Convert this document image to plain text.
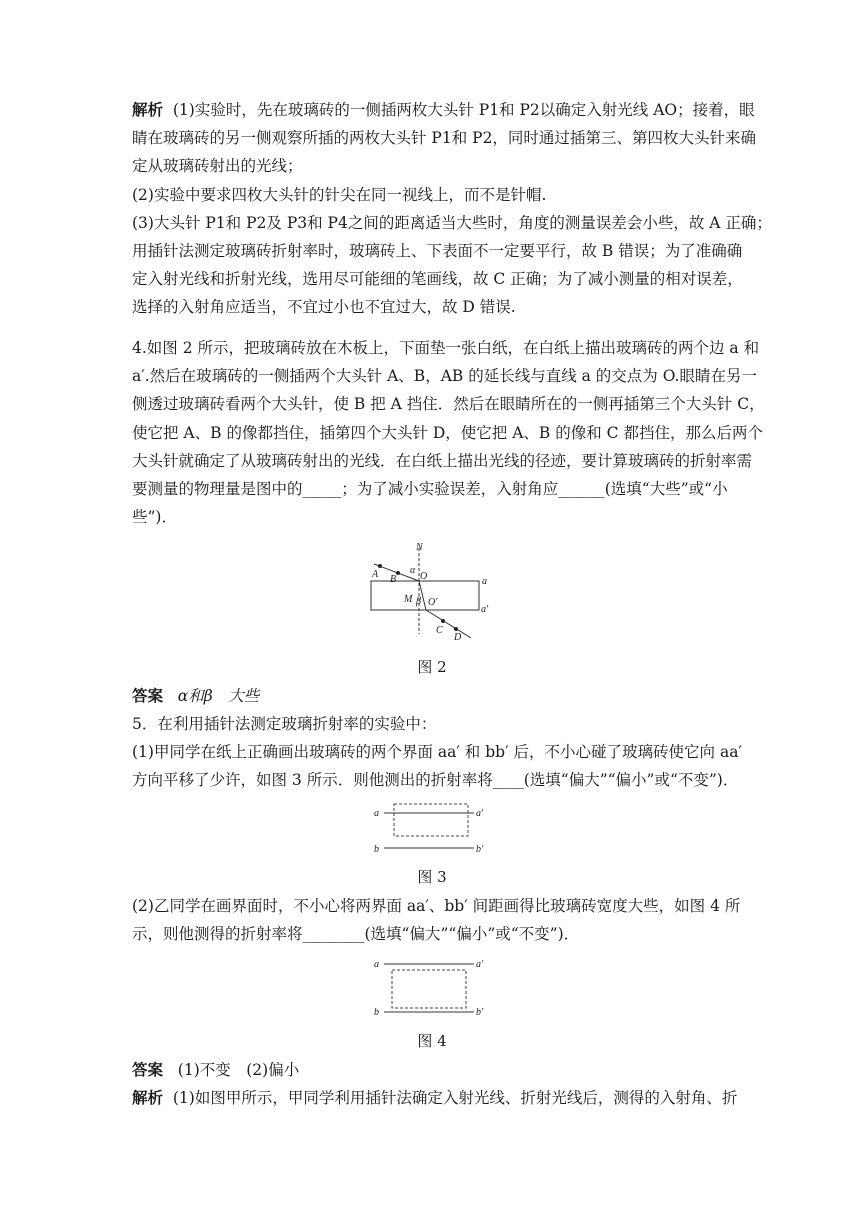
解析 (1)实验时，先在玻璃砖的一侧插两枚大头针 P1和 P2以确定入射光线 AO；接着，眼

睛在玻璃砖的另一侧观察所插的两枚大头针 P1和 P2，同时通过插第三、第四枚大头针来确

定从玻璃砖射出的光线；

(2)实验中要求四枚大头针的针尖在同一视线上，而不是针帽.

(3)大头针 P1和 P2及 P3和 P4之间的距离适当大些时，角度的测量误差会小些，故 A 正确；

用插针法测定玻璃砖折射率时，玻璃砖上、下表面不一定要平行，故 B 错误；为了准确确

定入射光线和折射光线，选用尽可能细的笔画线，故 C 正确；为了减小测量的相对误差，

选择的入射角应适当，不宜过小也不宜过大，故 D 错误.

4.如图 2 所示，把玻璃砖放在木板上，下面垫一张白纸，在白纸上描出玻璃砖的两个边 a 和

a′.然后在玻璃砖的一侧插两个大头针 A、B，AB 的延长线与直线 a 的交点为 O.眼睛在另一

侧透过玻璃砖看两个大头针，使 B 把 A 挡住．然后在眼睛所在的一侧再插第三个大头针 C，

使它把 A、B 的像都挡住，插第四个大头针 D，使它把 A、B 的像和 C 都挡住，那么后两个

大头针就确定了从玻璃砖射出的光线．在白纸上描出光线的径迹，要计算玻璃砖的折射率需

要测量的物理量是图中的_____；为了减小实验误差，入射角应______(选填“大些”或“小

些”)．

N
A B
α
O	a
M β O′
a′
C
D
图 2

答案 α和β　大些

5．在利用插针法测定玻璃折射率的实验中：

(1)甲同学在纸上正确画出玻璃砖的两个界面 aa′ 和 bb′ 后，不小心碰了玻璃砖使它向 aa′

方向平移了少许，如图 3 所示．则他测出的折射率将____(选填“偏大”“偏小”或“不变”)．

a	a′
b	b′
图 3

(2)乙同学在画界面时，不小心将两界面 aa′、bb′ 间距画得比玻璃砖宽度大些，如图 4 所

示，则他测得的折射率将________(选填“偏大”“偏小”或“不变”)．

a	a′
b	b′
图 4

答案 (1)不变　(2)偏小

解析 (1)如图甲所示，甲同学利用插针法确定入射光线、折射光线后，测得的入射角、折
